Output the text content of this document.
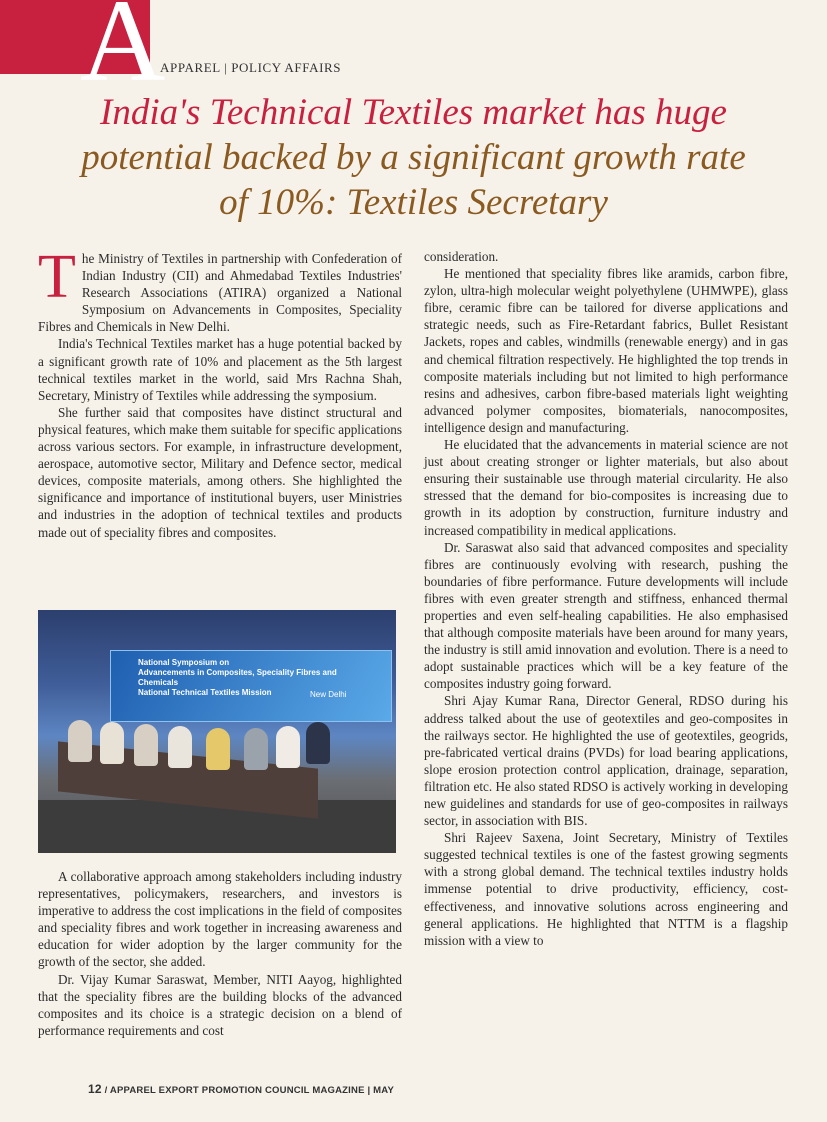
A
APPAREL | POLICY AFFAIRS
India's Technical Textiles market has huge
potential backed by a significant growth rate
of 10%: Textiles Secretary
T he Ministry of Textiles in partnership with Confederation of Indian Industry (CII) and Ahmedabad Textiles Industries' Research Associations (ATIRA) organized a National Symposium on Advancements in Composites, Speciality Fibres and Chemicals in New Delhi.

India's Technical Textiles market has a huge potential backed by a significant growth rate of 10% and placement as the 5th largest technical textiles market in the world, said Mrs Rachna Shah, Secretary, Ministry of Textiles while addressing the symposium.

She further said that composites have distinct structural and physical features, which make them suitable for specific applications across various sectors. For example, in infrastructure development, aerospace, automotive sector, Military and Defence sector, medical devices, composite materials, among others. She highlighted the significance and importance of institutional buyers, user Ministries and industries in the adoption of technical textiles and products made out of speciality fibres and composites.

National Symposium on
Advancements in Composites, Speciality Fibres and Chemicals
National Technical Textiles Mission	New Delhi

A collaborative approach among stakeholders including industry representatives, policymakers, researchers, and investors is imperative to address the cost implications in the field of composites and speciality fibres and work together in increasing awareness and education for wider adoption by the larger community for the growth of the sector, she added.

Dr. Vijay Kumar Saraswat, Member, NITI Aayog, highlighted that the speciality fibres are the building blocks of the advanced composites and its choice is a strategic decision on a blend of performance requirements and cost

consideration.

He mentioned that speciality fibres like aramids, carbon fibre, zylon, ultra-high molecular weight polyethylene (UHMWPE), glass fibre, ceramic fibre can be tailored for diverse applications and strategic needs, such as Fire-Retardant fabrics, Bullet Resistant Jackets, ropes and cables, windmills (renewable energy) and in gas and chemical filtration respectively. He highlighted the top trends in composite materials including but not limited to high performance resins and adhesives, carbon fibre-based materials light weighting advanced polymer composites, biomaterials, nanocomposites, intelligence design and manufacturing.

He elucidated that the advancements in material science are not just about creating stronger or lighter materials, but also about ensuring their sustainable use through material circularity. He also stressed that the demand for bio-composites is increasing due to growth in its adoption by construction, furniture industry and increased compatibility in medical applications.

Dr. Saraswat also said that advanced composites and speciality fibres are continuously evolving with research, pushing the boundaries of fibre performance. Future developments will include fibres with even greater strength and stiffness, enhanced thermal properties and even self-healing capabilities. He also emphasised that although composite materials have been around for many years, the industry is still amid innovation and evolution. There is a need to adopt sustainable practices which will be a key feature of the composites industry going forward.

Shri Ajay Kumar Rana, Director General, RDSO during his address talked about the use of geotextiles and geo-composites in the railways sector. He highlighted the use of geotextiles, geogrids, pre-fabricated vertical drains (PVDs) for load bearing applications, slope erosion protection control application, drainage, separation, filtration etc. He also stated RDSO is actively working in developing new guidelines and standards for use of geo-composites in railways sector, in association with BIS.

Shri Rajeev Saxena, Joint Secretary, Ministry of Textiles suggested technical textiles is one of the fastest growing segments with a strong global demand. The technical textiles industry holds immense potential to drive productivity, efficiency, cost-effectiveness, and innovative solutions across engineering and general applications. He highlighted that NTTM is a flagship mission with a view to

12 / APPAREL EXPORT PROMOTION COUNCIL MAGAZINE | MAY
